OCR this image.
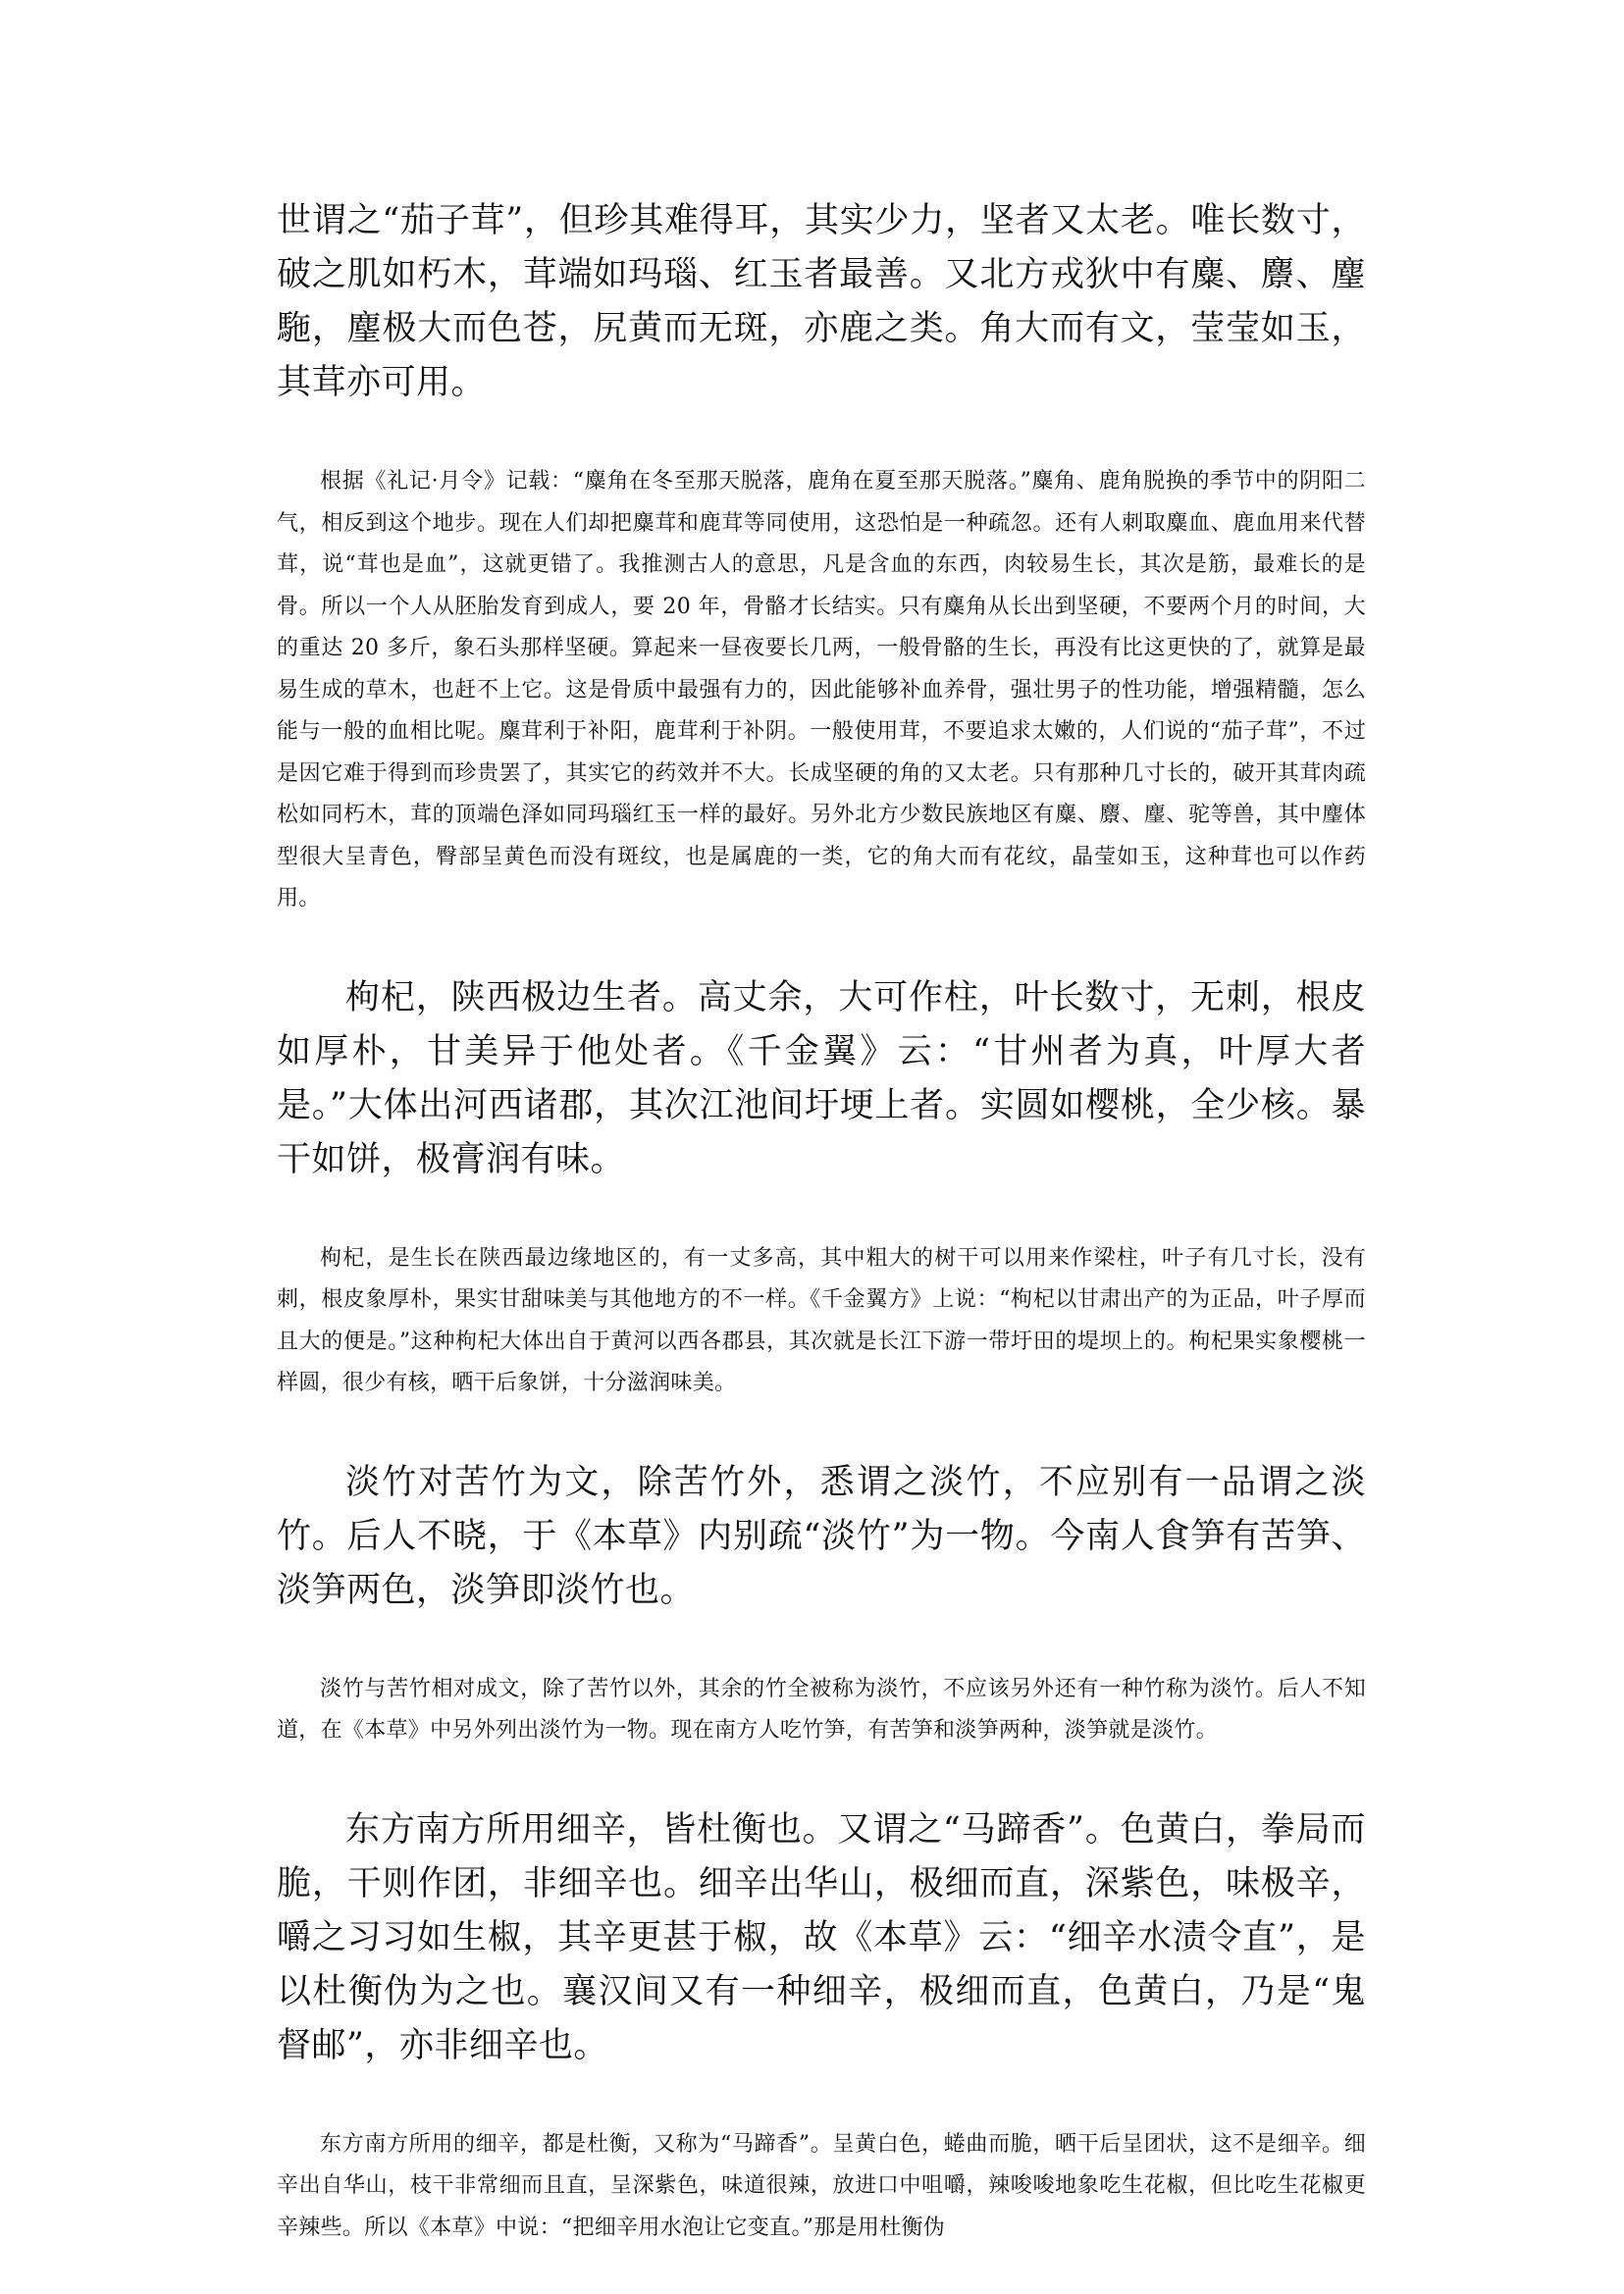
世谓之“茄子茸”，但珍其难得耳，其实少力，坚者又太老。唯长数寸，破之肌如朽木，茸端如玛瑙、红玉者最善。又北方戎狄中有麋、麖、麈駞，麈极大而色苍，尻黄而无斑，亦鹿之类。角大而有文，莹莹如玉，其茸亦可用。

根据《礼记·月令》记载：“麋角在冬至那天脱落，鹿角在夏至那天脱落。”麋角、鹿角脱换的季节中的阴阳二气，相反到这个地步。现在人们却把麋茸和鹿茸等同使用，这恐怕是一种疏忽。还有人刺取麋血、鹿血用来代替茸，说“茸也是血”，这就更错了。我推测古人的意思，凡是含血的东西，肉较易生长，其次是筋，最难长的是骨。所以一个人从胚胎发育到成人，要 20 年，骨骼才长结实。只有麋角从长出到坚硬，不要两个月的时间，大的重达 20 多斤，象石头那样坚硬。算起来一昼夜要长几两，一般骨骼的生长，再没有比这更快的了，就算是最易生成的草木，也赶不上它。这是骨质中最强有力的，因此能够补血养骨，强壮男子的性功能，增强精髓，怎么能与一般的血相比呢。麋茸利于补阳，鹿茸利于补阴。一般使用茸，不要追求太嫩的，人们说的“茄子茸”，不过是因它难于得到而珍贵罢了，其实它的药效并不大。长成坚硬的角的又太老。只有那种几寸长的，破开其茸肉疏松如同朽木，茸的顶端色泽如同玛瑙红玉一样的最好。另外北方少数民族地区有麋、麖、麈、驼等兽，其中麈体型很大呈青色，臀部呈黄色而没有斑纹，也是属鹿的一类，它的角大而有花纹，晶莹如玉，这种茸也可以作药用。

枸杞，陕西极边生者。高丈余，大可作柱，叶长数寸，无刺，根皮如厚朴，甘美异于他处者。《千金翼》云：“甘州者为真，叶厚大者是。”大体出河西诸郡，其次江池间圩埂上者。实圆如樱桃，全少核。暴干如饼，极膏润有味。

枸杞，是生长在陕西最边缘地区的，有一丈多高，其中粗大的树干可以用来作梁柱，叶子有几寸长，没有刺，根皮象厚朴，果实甘甜味美与其他地方的不一样。《千金翼方》上说：“枸杞以甘肃出产的为正品，叶子厚而且大的便是。”这种枸杞大体出自于黄河以西各郡县，其次就是长江下游一带圩田的堤坝上的。枸杞果实象樱桃一样圆，很少有核，晒干后象饼，十分滋润味美。

淡竹对苦竹为文，除苦竹外，悉谓之淡竹，不应别有一品谓之淡竹。后人不晓，于《本草》内别疏“淡竹”为一物。今南人食笋有苦笋、淡笋两色，淡笋即淡竹也。

淡竹与苦竹相对成文，除了苦竹以外，其余的竹全被称为淡竹，不应该另外还有一种竹称为淡竹。后人不知道，在《本草》中另外列出淡竹为一物。现在南方人吃竹笋，有苦笋和淡笋两种，淡笋就是淡竹。

东方南方所用细辛，皆杜衡也。又谓之“马蹄香”。色黄白，拳局而脆，干则作团，非细辛也。细辛出华山，极细而直，深紫色，味极辛，嚼之习习如生椒，其辛更甚于椒，故《本草》云：“细辛水渍令直”，是以杜衡伪为之也。襄汉间又有一种细辛，极细而直，色黄白，乃是“鬼督邮”，亦非细辛也。

东方南方所用的细辛，都是杜衡，又称为“马蹄香”。呈黄白色，蜷曲而脆，晒干后呈团状，这不是细辛。细辛出自华山，枝干非常细而且直，呈深紫色，味道很辣，放进口中咀嚼，辣唆唆地象吃生花椒，但比吃生花椒更辛辣些。所以《本草》中说：“把细辛用水泡让它变直。”那是用杜衡伪
